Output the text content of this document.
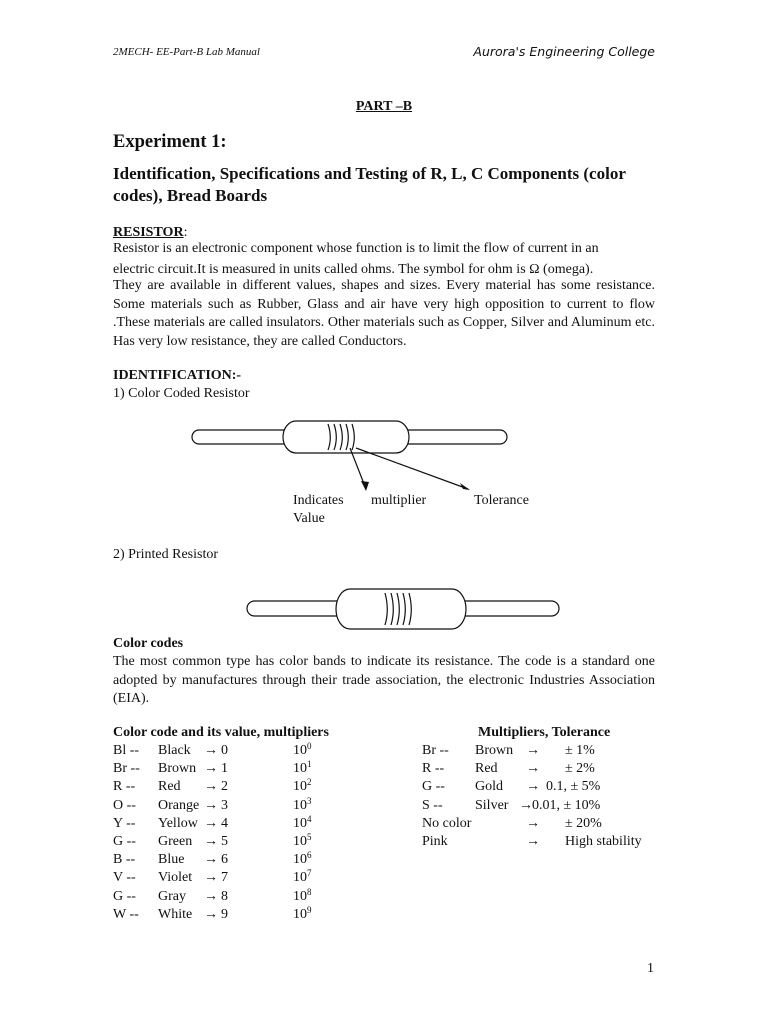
2MECH- EE-Part-B Lab Manual	Aurora's Engineering College
PART –B
Experiment 1:
Identification, Specifications and Testing of R, L, C Components (color codes), Bread Boards
RESISTOR:
Resistor is an electronic component whose function is to limit the flow of current in an
electric circuit.It is measured in units called ohms. The symbol for ohm is Ω (omega).
They are available in different values, shapes and sizes. Every material has some resistance. Some materials such as Rubber, Glass and air have very high opposition to current to flow .These materials are called insulators. Other materials such as Copper, Silver and Aluminum etc. Has very low resistance, they are called Conductors.
IDENTIFICATION:-
1) Color Coded Resistor
Indicates
Value
multiplier	Tolerance
2) Printed Resistor
Color codes
The most common type has color bands to indicate its resistance. The code is a standard one adopted by manufactures through their trade association, the electronic Industries Association (EIA).
Color code and its value, multipliers
Bl -- Black → 0	$10^0$
Br -- Brown → 1	$10^1$
R -- Red → 2	$10^2$
O -- Orange → 3	$10^3$
Y -- Yellow → 4	$10^4$
G -- Green → 5	$10^5$
B -- Blue → 6	$10^6$
V -- Violet → 7	$10^7$
G -- Gray → 8	$10^8$
W -- White → 9	$10^9$
Multipliers, Tolerance
Br -- Brown → ± 1%
R -- Red → ± 2%
G -- Gold → 0.1, ± 5%
S -- Silver → 0.01, ± 10%
No color	→ ± 20%
Pink	→ High stability
1
